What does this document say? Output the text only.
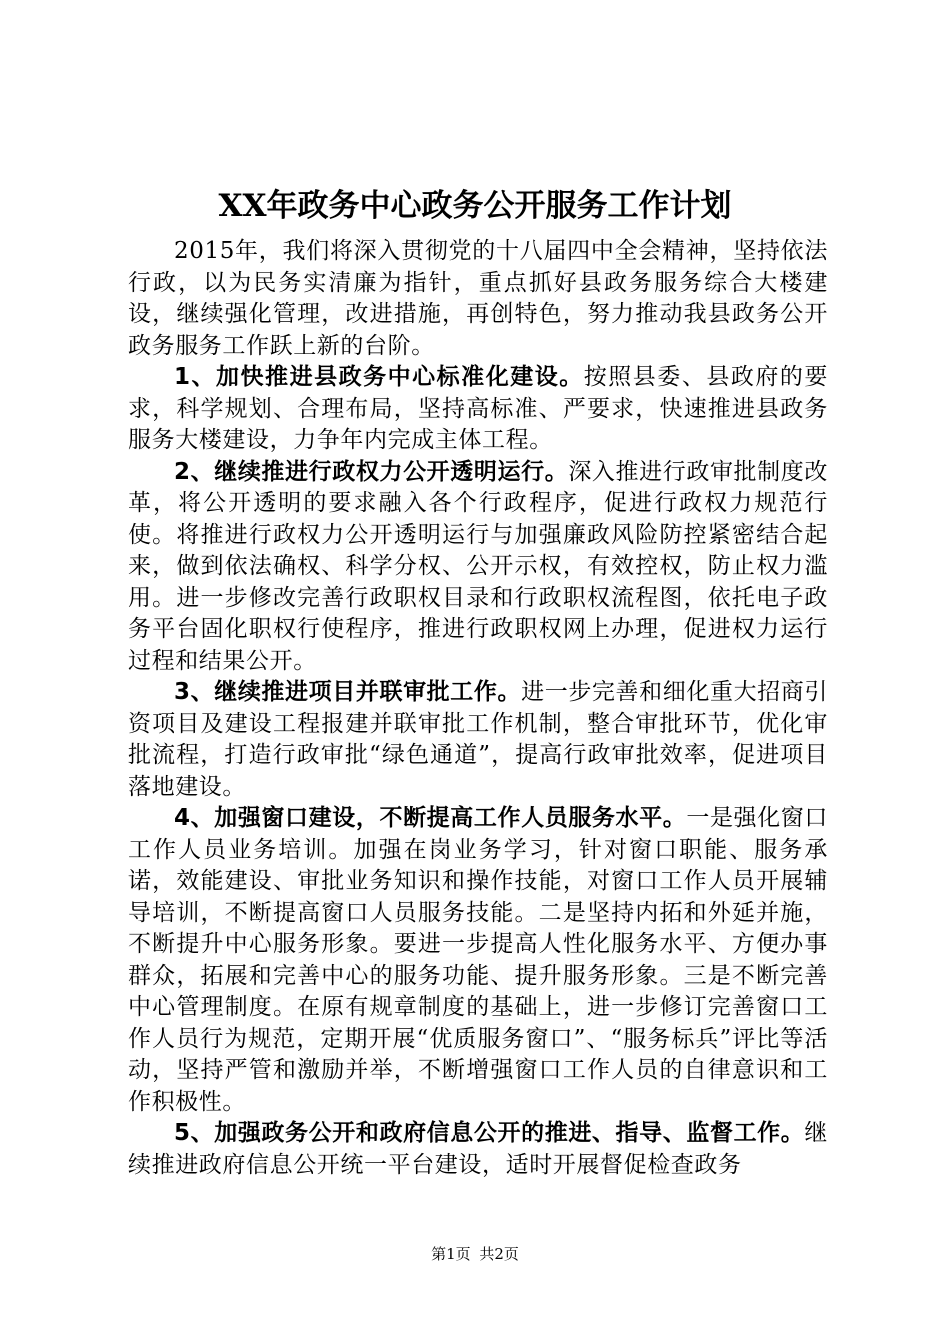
XX年政务中心政务公开服务工作计划

2015年，我们将深入贯彻党的十八届四中全会精神，坚持依法行政，以为民务实清廉为指针，重点抓好县政务服务综合大楼建设，继续强化管理，改进措施，再创特色，努力推动我县政务公开政务服务工作跃上新的台阶。

1、加快推进县政务中心标准化建设。按照县委、县政府的要求，科学规划、合理布局，坚持高标准、严要求，快速推进县政务服务大楼建设，力争年内完成主体工程。

2、继续推进行政权力公开透明运行。深入推进行政审批制度改革，将公开透明的要求融入各个行政程序，促进行政权力规范行使。将推进行政权力公开透明运行与加强廉政风险防控紧密结合起来，做到依法确权、科学分权、公开示权，有效控权，防止权力滥用。进一步修改完善行政职权目录和行政职权流程图，依托电子政务平台固化职权行使程序，推进行政职权网上办理，促进权力运行过程和结果公开。

3、继续推进项目并联审批工作。进一步完善和细化重大招商引资项目及建设工程报建并联审批工作机制，整合审批环节，优化审批流程，打造行政审批“绿色通道”，提高行政审批效率，促进项目落地建设。

4、加强窗口建设，不断提高工作人员服务水平。一是强化窗口工作人员业务培训。加强在岗业务学习，针对窗口职能、服务承诺，效能建设、审批业务知识和操作技能，对窗口工作人员开展辅导培训，不断提高窗口人员服务技能。二是坚持内拓和外延并施，不断提升中心服务形象。要进一步提高人性化服务水平、方便办事群众，拓展和完善中心的服务功能、提升服务形象。三是不断完善中心管理制度。在原有规章制度的基础上，进一步修订完善窗口工作人员行为规范，定期开展“优质服务窗口”、“服务标兵”评比等活动，坚持严管和激励并举，不断增强窗口工作人员的自律意识和工作积极性。

5、加强政务公开和政府信息公开的推进、指导、监督工作。继续推进政府信息公开统一平台建设，适时开展督促检查政务

第1页 共2页
